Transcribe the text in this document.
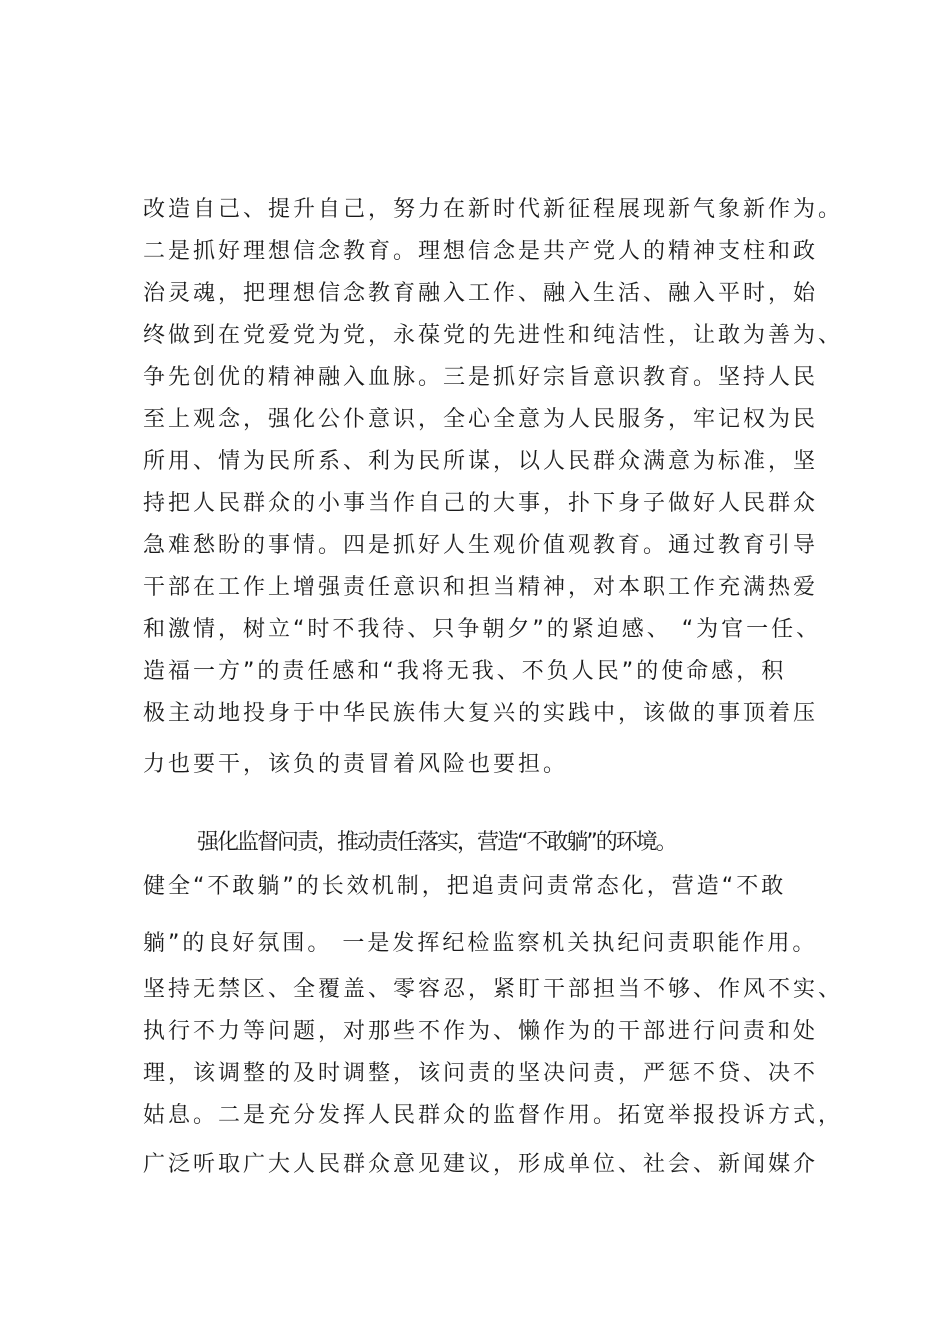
改造自己、提升自己，努力在新时代新征程展现新气象新作为。
二是抓好理想信念教育。理想信念是共产党人的精神支柱和政
治灵魂，把理想信念教育融入工作、融入生活、融入平时，始
终做到在党爱党为党，永葆党的先进性和纯洁性，让敢为善为、
争先创优的精神融入血脉。三是抓好宗旨意识教育。坚持人民
至上观念，强化公仆意识，全心全意为人民服务，牢记权为民
所用、情为民所系、利为民所谋，以人民群众满意为标准，坚
持把人民群众的小事当作自己的大事，扑下身子做好人民群众
急难愁盼的事情。四是抓好人生观价值观教育。通过教育引导
干部在工作上增强责任意识和担当精神，对本职工作充满热爱
和激情，树立“时不我待、只争朝夕”的紧迫感、 “为官一任、
造福一方”的责任感和“我将无我、不负人民”的使命感，积
极主动地投身于中华民族伟大复兴的实践中，该做的事顶着压
力也要干，该负的责冒着风险也要担。
强化监督问责，推动责任落实，营造“不敢躺”的环境。
健全“不敢躺”的长效机制，把追责问责常态化，营造“不敢
躺”的良好氛围。 一是发挥纪检监察机关执纪问责职能作用。
坚持无禁区、全覆盖、零容忍，紧盯干部担当不够、作风不实、
执行不力等问题，对那些不作为、懒作为的干部进行问责和处
理，该调整的及时调整，该问责的坚决问责，严惩不贷、决不
姑息。二是充分发挥人民群众的监督作用。拓宽举报投诉方式，
广泛听取广大人民群众意见建议，形成单位、社会、新闻媒介
